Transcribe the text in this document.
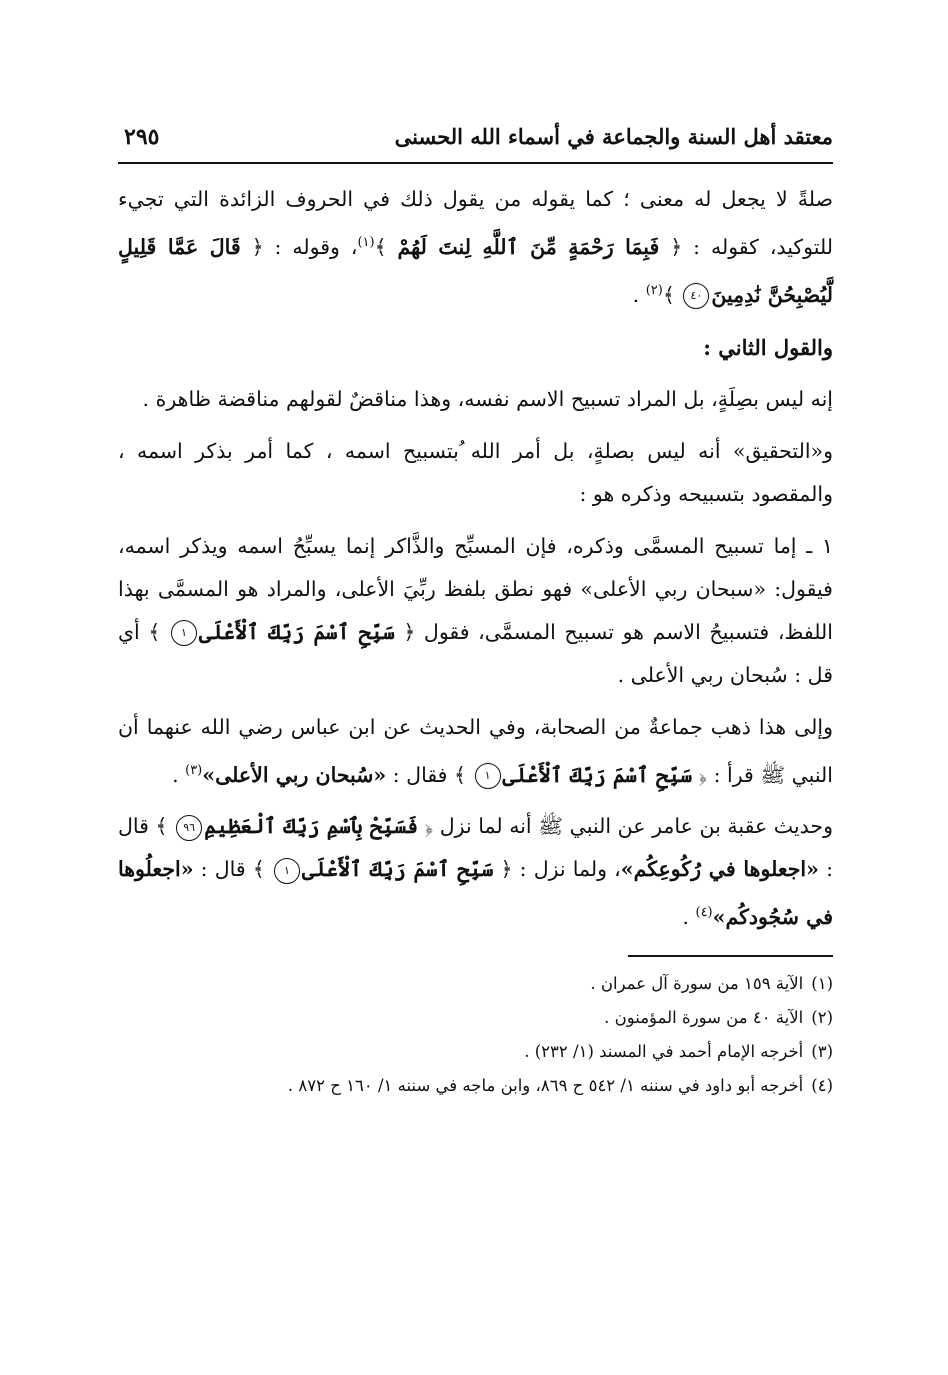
معتقد أهل السنة والجماعة في أسماء الله الحسنى
٢٩٥

صلةً لا يجعل له معنى ؛ كما يقوله من يقول ذلك في الحروف الزائدة التي تجيء للتوكيد، كقوله : ﴿ فَبِمَا رَحْمَةٍ مِّنَ ٱللَّهِ لِنتَ لَهُمْ ﴾$^{(١)}$، وقوله : ﴿ قَالَ عَمَّا قَلِيلٍ لَّيُصْبِحُنَّ نَٰدِمِينَ٤٠ ﴾$^{(٢)}$ .

والقول الثاني :

إنه ليس بصِلَةٍ، بل المراد تسبيح الاسم نفسه، وهذا مناقضٌ لقولهم مناقضة ظاهرة .

و«التحقيق» أنه ليس بصلةٍ، بل أمر الله ُبتسبيح اسمه ، كما أمر بذكر اسمه ، والمقصود بتسبيحه وذكره هو :

١ ـ إما تسبيح المسمَّى وذكره، فإن المسبِّح والذَّاكر إنما يسبِّحُ اسمه ويذكر اسمه، فيقول: «سبحان ربي الأعلى» فهو نطق بلفظ ربِّيَ الأعلى، والمراد هو المسمَّى بهذا اللفظ، فتسبيحُ الاسم هو تسبيح المسمَّى، فقول ﴿ سَبِّحِ ٱسْمَ رَبِّكَ ٱلْأَعْلَى١ ﴾ أي قل : سُبحان ربي الأعلى .

وإلى هذا ذهب جماعةٌ من الصحابة، وفي الحديث عن ابن عباس رضي الله عنهما أن النبي ﷺ قرأ : ﴿ سَبِّحِ ٱسْمَ رَبِّكَ ٱلْأَعْلَى١ ﴾ فقال : «سُبحان ربي الأعلى»$^{(٣)}$ .

وحديث عقبة بن عامر عن النبي ﷺ أنه لما نزل ﴿ فَسَبِّحْ بِٱسْمِ رَبِّكَ ٱلْعَظِيمِ٩٦ ﴾ قال : «اجعلوها في رُكُوعِكُم»، ولما نزل : ﴿ سَبِّحِ ٱسْمَ رَبِّكَ ٱلْأَعْلَى١ ﴾ قال : «اجعلُوها في سُجُودكُم»$^{(٤)}$ .

(١)الآية ١٥٩ من سورة آل عمران .
(٢)الآية ٤٠ من سورة المؤمنون .
(٣)أخرجه الإمام أحمد في المسند (١/ ٢٣٢) .
(٤)أخرجه أبو داود في سننه ١/ ٥٤٢ ح ٨٦٩، وابن ماجه في سننه ١/ ١٦٠ ح ٨٧٢ .
